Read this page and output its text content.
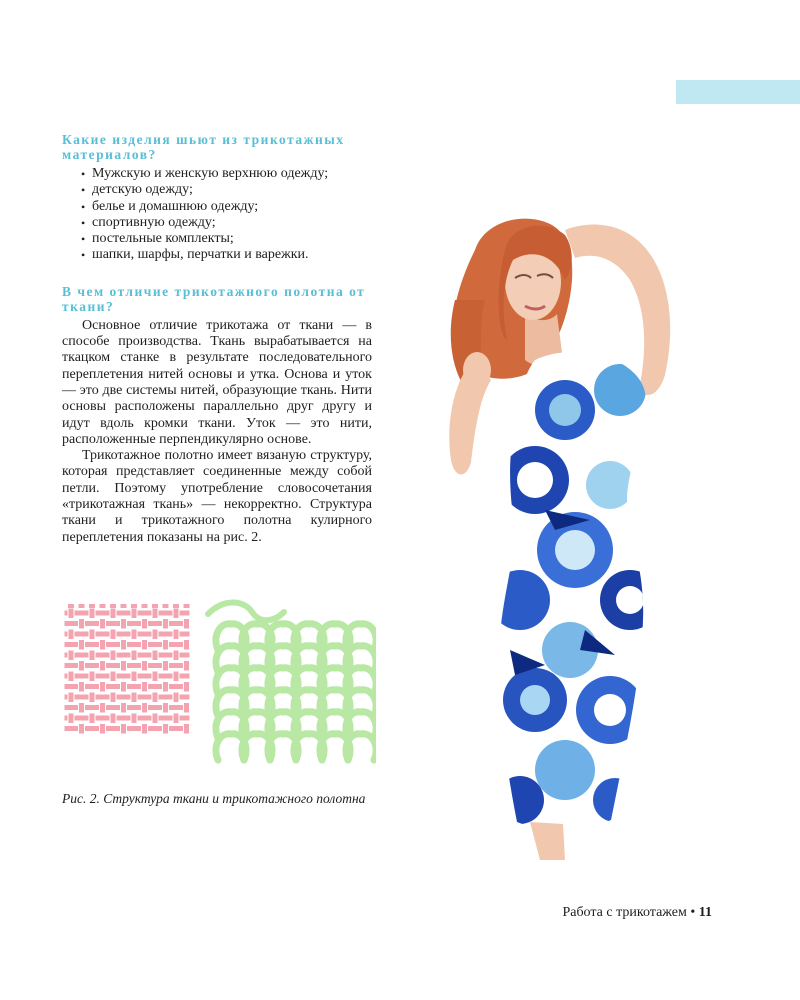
Какие изделия шьют из трикотажных материалов?
• Мужскую и женскую верхнюю одежду;
• детскую одежду;
• белье и домашнюю одежду;
• спортивную одежду;
• постельные комплекты;
• шапки, шарфы, перчатки и варежки.
В чем отличие трикотажного полотна от ткани?

Основное отличие трикотажа от ткани — в способе производства. Ткань вырабатывается на ткацком станке в результате последовательного переплетения нитей основы и утка. Основа и уток — это две системы нитей, образующие ткань. Нити основы расположены параллельно друг другу и идут вдоль кромки ткани. Уток — это нити, расположенные перпендикулярно основе.

Трикотажное полотно имеет вязаную структуру, которая представляет соединенные между собой петли. Поэтому употребление словосочетания «трикотажная ткань» — некорректно. Структура ткани и трикотажного полотна кулирного переплетения показаны на рис. 2.

Рис. 2. Структура ткани и трикотажного полотна
Работа с трикотажем • 11
